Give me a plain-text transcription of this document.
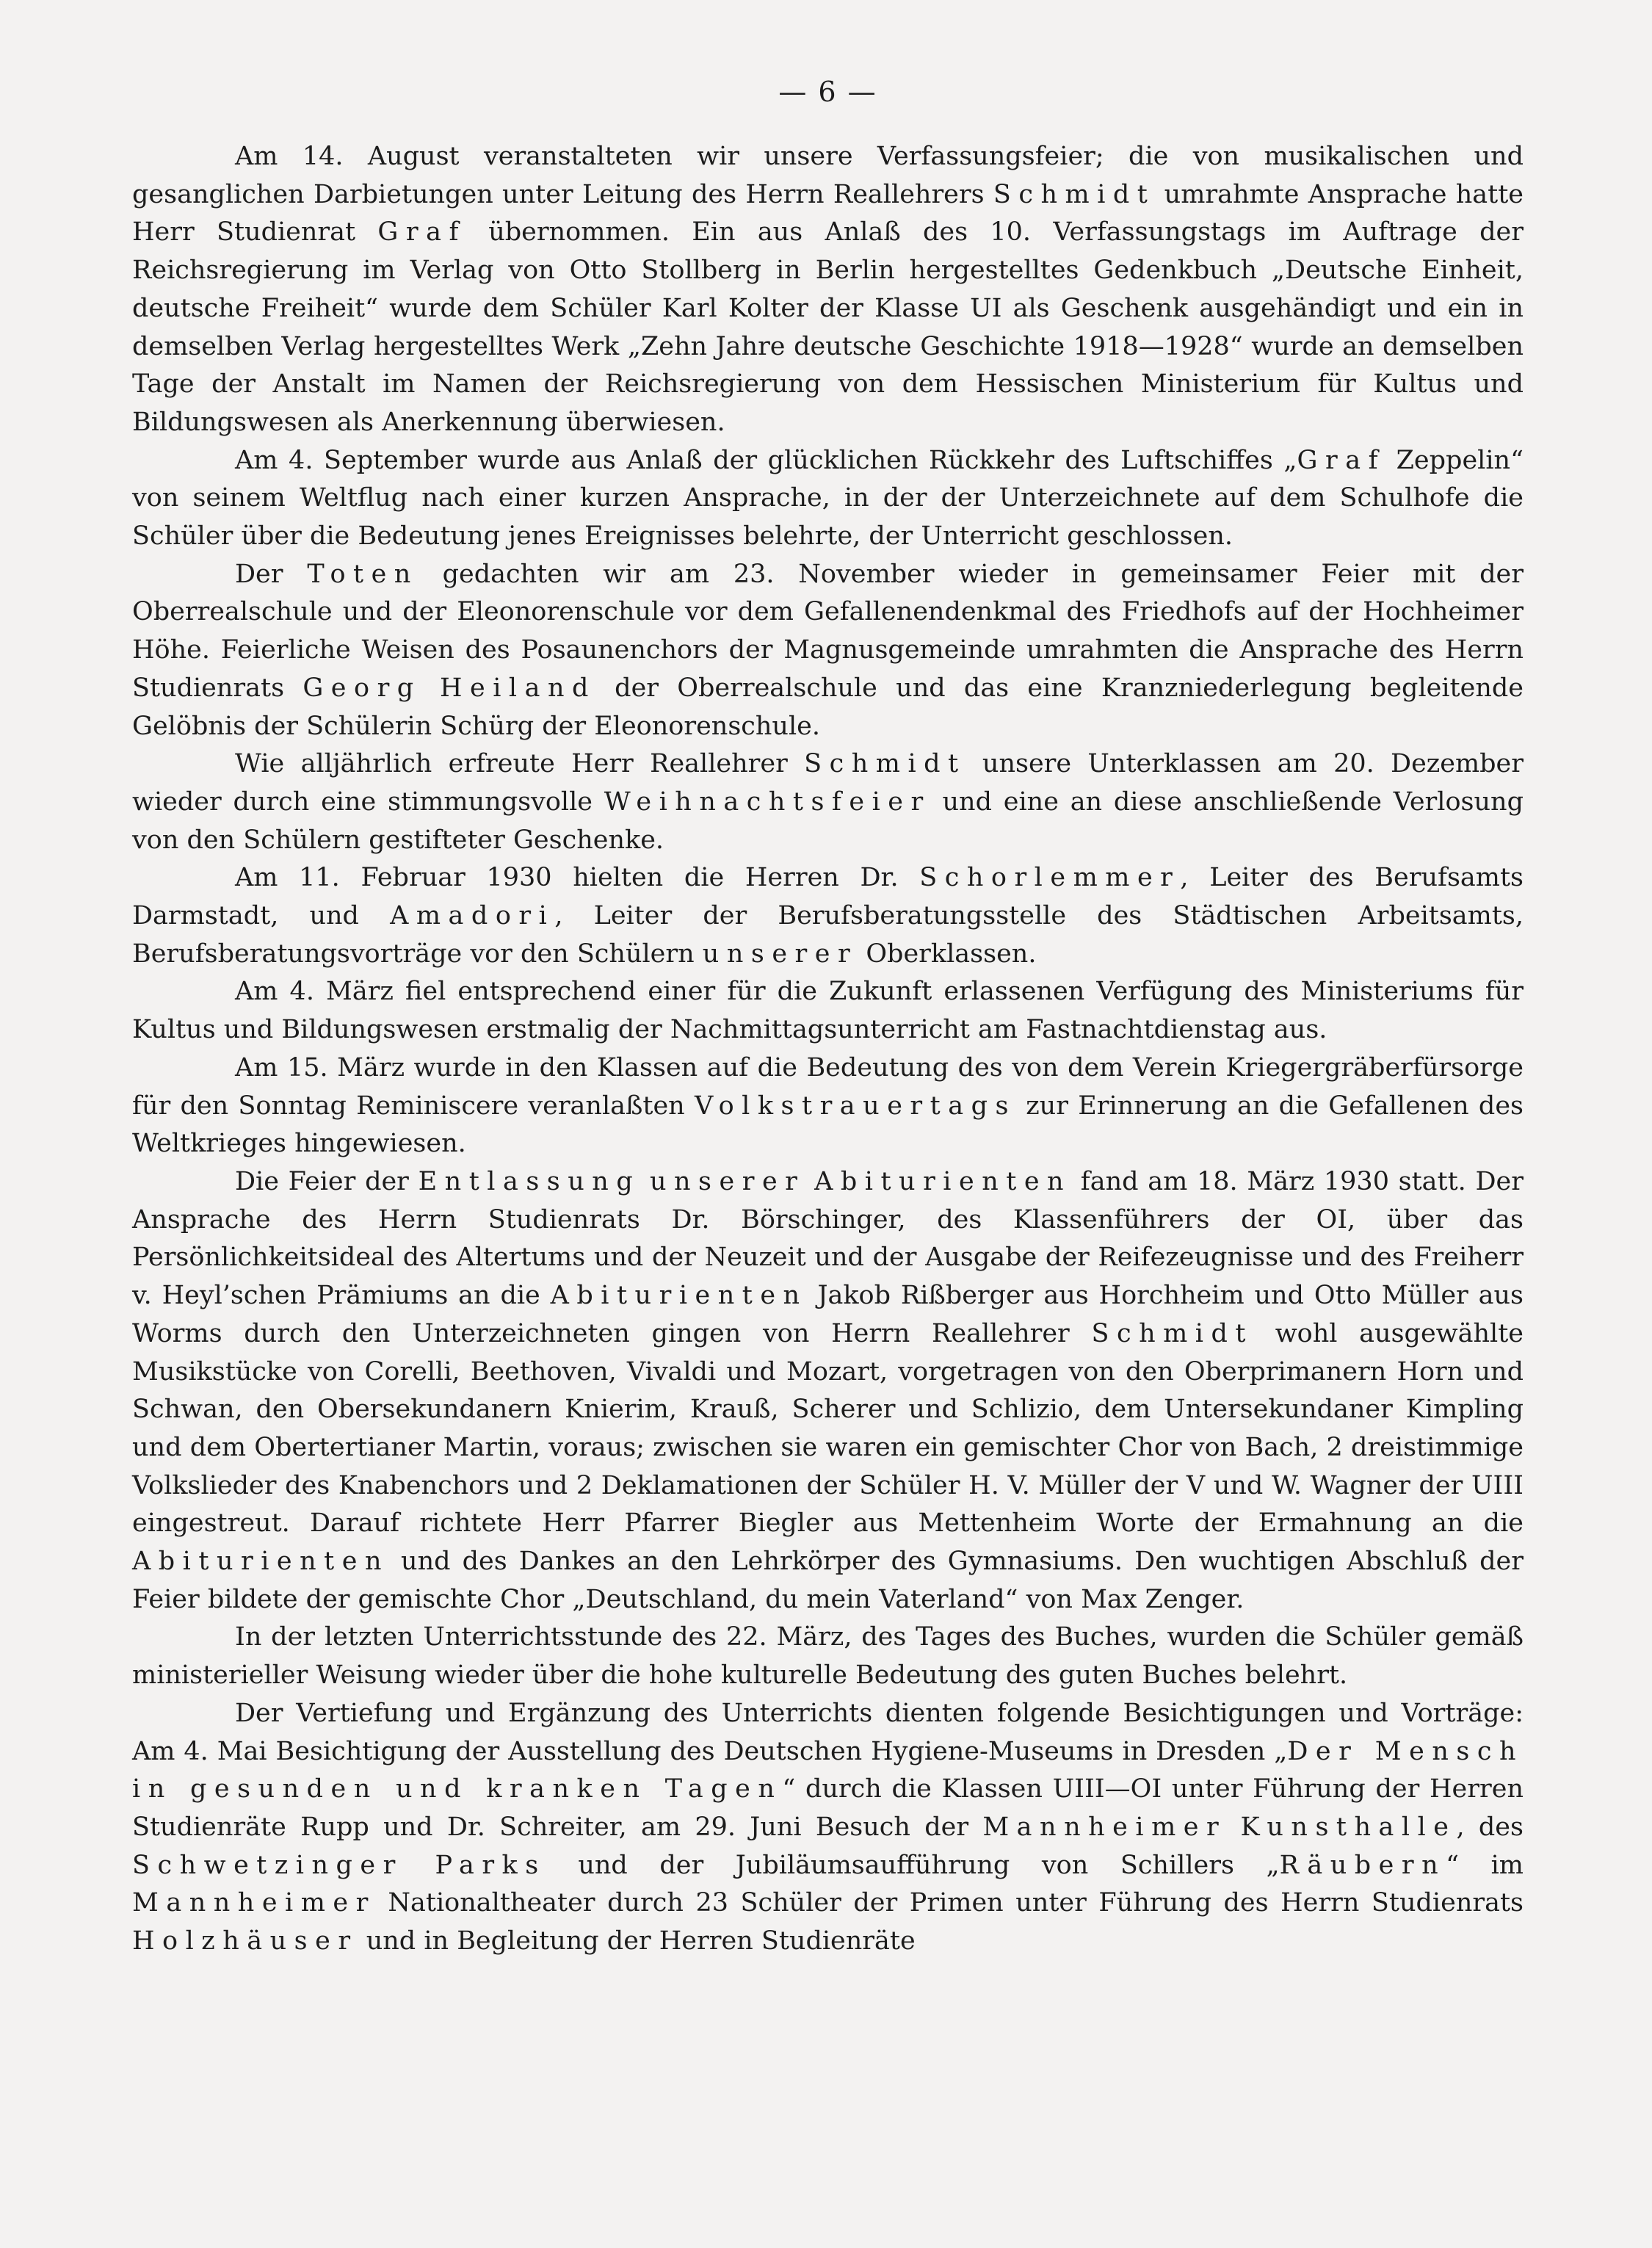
— 6 —

Am 14. August veranstalteten wir unsere Verfassungsfeier; die von musikalischen und gesanglichen Darbietungen unter Leitung des Herrn Reallehrers Schmidt umrahmte Ansprache hatte Herr Studienrat Graf übernommen. Ein aus Anlaß des 10. Verfassungstags im Auftrage der Reichsregierung im Verlag von Otto Stollberg in Berlin hergestelltes Gedenkbuch „Deutsche Einheit, deutsche Freiheit“ wurde dem Schüler Karl Kolter der Klasse UI als Geschenk ausgehändigt und ein in demselben Verlag hergestelltes Werk „Zehn Jahre deutsche Geschichte 1918—1928“ wurde an demselben Tage der Anstalt im Namen der Reichsregierung von dem Hessischen Ministerium für Kultus und Bildungswesen als Anerkennung überwiesen.

Am 4. September wurde aus Anlaß der glücklichen Rückkehr des Luftschiffes „Graf Zeppelin“ von seinem Weltflug nach einer kurzen Ansprache, in der der Unterzeichnete auf dem Schulhofe die Schüler über die Bedeutung jenes Ereignisses belehrte, der Unterricht geschlossen.

Der Toten gedachten wir am 23. November wieder in gemeinsamer Feier mit der Oberrealschule und der Eleonorenschule vor dem Gefallenendenkmal des Friedhofs auf der Hochheimer Höhe. Feierliche Weisen des Posaunenchors der Magnusgemeinde umrahmten die Ansprache des Herrn Studienrats Georg Heiland der Oberrealschule und das eine Kranzniederlegung begleitende Gelöbnis der Schülerin Schürg der Eleonorenschule.

Wie alljährlich erfreute Herr Reallehrer Schmidt unsere Unterklassen am 20. Dezember wieder durch eine stimmungsvolle Weihnachtsfeier und eine an diese anschließende Verlosung von den Schülern gestifteter Geschenke.

Am 11. Februar 1930 hielten die Herren Dr. Schorlemmer, Leiter des Berufsamts Darmstadt, und Amadori, Leiter der Berufsberatungsstelle des Städtischen Arbeitsamts, Berufsberatungsvorträge vor den Schülern unserer Oberklassen.

Am 4. März fiel entsprechend einer für die Zukunft erlassenen Verfügung des Ministeriums für Kultus und Bildungswesen erstmalig der Nachmittagsunterricht am Fastnachtdienstag aus.

Am 15. März wurde in den Klassen auf die Bedeutung des von dem Verein Kriegergräberfürsorge für den Sonntag Reminiscere veranlaßten Volkstrauertags zur Erinnerung an die Gefallenen des Weltkrieges hingewiesen.

Die Feier der Entlassung unserer Abiturienten fand am 18. März 1930 statt. Der Ansprache des Herrn Studienrats Dr. Börschinger, des Klassenführers der OI, über das Persönlichkeitsideal des Altertums und der Neuzeit und der Ausgabe der Reifezeugnisse und des Freiherr v. Heyl’schen Prämiums an die Abiturienten Jakob Rißberger aus Horchheim und Otto Müller aus Worms durch den Unterzeichneten gingen von Herrn Reallehrer Schmidt wohl ausgewählte Musikstücke von Corelli, Beethoven, Vivaldi und Mozart, vorgetragen von den Oberprimanern Horn und Schwan, den Obersekundanern Knierim, Krauß, Scherer und Schlizio, dem Untersekundaner Kimpling und dem Obertertianer Martin, voraus; zwischen sie waren ein gemischter Chor von Bach, 2 dreistimmige Volkslieder des Knabenchors und 2 Deklamationen der Schüler H. V. Müller der V und W. Wagner der UIII eingestreut. Darauf richtete Herr Pfarrer Biegler aus Mettenheim Worte der Ermahnung an die Abiturienten und des Dankes an den Lehrkörper des Gymnasiums. Den wuchtigen Abschluß der Feier bildete der gemischte Chor „Deutschland, du mein Vaterland“ von Max Zenger.

In der letzten Unterrichtsstunde des 22. März, des Tages des Buches, wurden die Schüler gemäß ministerieller Weisung wieder über die hohe kulturelle Bedeutung des guten Buches belehrt.

Der Vertiefung und Ergänzung des Unterrichts dienten folgende Besichtigungen und Vorträge: Am 4. Mai Besichtigung der Ausstellung des Deutschen Hygiene-Museums in Dresden „Der Mensch in gesunden und kranken Tagen“ durch die Klassen UIII—OI unter Führung der Herren Studienräte Rupp und Dr. Schreiter, am 29. Juni Besuch der Mannheimer Kunsthalle, des Schwetzinger Parks und der Jubiläumsaufführung von Schillers „Räubern“ im Mannheimer Nationaltheater durch 23 Schüler der Primen unter Führung des Herrn Studienrats Holzhäuser und in Begleitung der Herren Studienräte
